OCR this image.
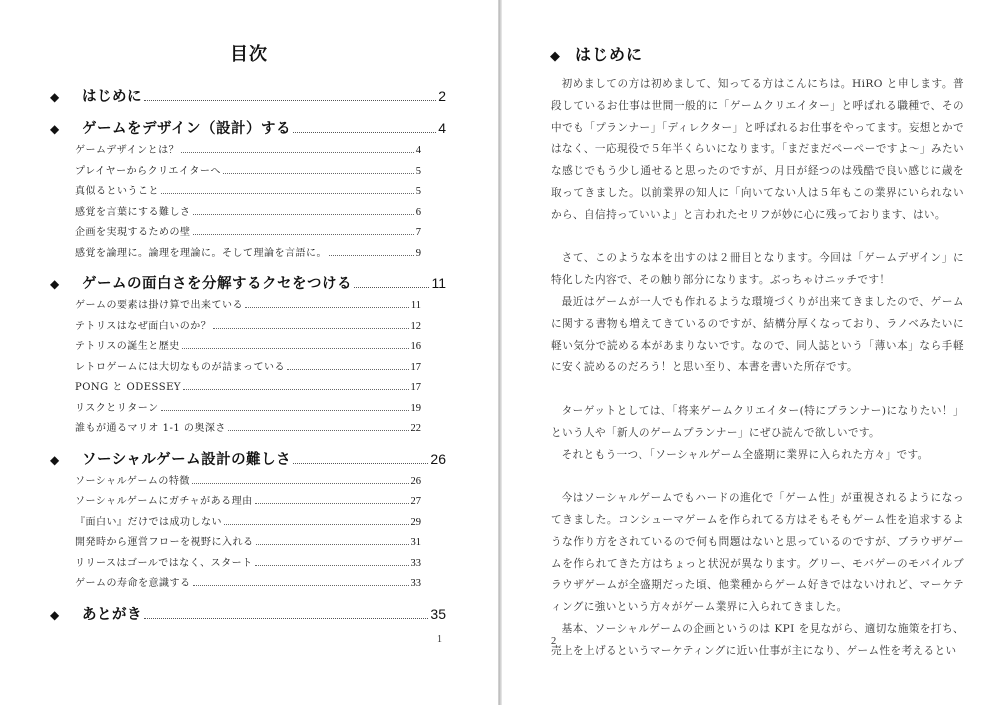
目次
◆	はじめに	2
◆	ゲームをデザイン（設計）する	4
ゲームデザインとは？	4
プレイヤーからクリエイターへ	5
真似るということ	5
感覚を言葉にする難しさ	6
企画を実現するための壁	7
感覚を論理に。論理を理論に。そして理論を言語に。	9
◆	ゲームの面白さを分解するクセをつける	11
ゲームの要素は掛け算で出来ている	11
テトリスはなぜ面白いのか？	12
テトリスの誕生と歴史	16
レトロゲームには大切なものが詰まっている	17
PONG と ODESSEY	17
リスクとリターン	19
誰もが通るマリオ 1-1 の奥深さ	22
◆	ソーシャルゲーム設計の難しさ	26
ソーシャルゲームの特徴	26
ソーシャルゲームにガチャがある理由	27
『面白い』だけでは成功しない	29
開発時から運営フローを視野に入れる	31
リリースはゴールではなく、スタート	33
ゲームの寿命を意識する	33
◆	あとがき	35
1
◆ はじめに

初めましての方は初めまして、知ってる方はこんにちは。HiRO と申します。普段しているお仕事は世間一般的に「ゲームクリエイター」と呼ばれる職種で、その中でも「プランナー」「ディレクター」と呼ばれるお仕事をやってます。妄想とかではなく、一応現役で５年半くらいになります。「まだまだペーペーですよ～」みたいな感じでもう少し通せると思ったのですが、月日が経つのは残酷で良い感じに歳を取ってきました。以前業界の知人に「向いてない人は５年もこの業界にいられないから、自信持っていいよ」と言われたセリフが妙に心に残っております、はい。

さて、このような本を出すのは２冊目となります。今回は「ゲームデザイン」に特化した内容で、その触り部分になります。ぶっちゃけニッチです！

最近はゲームが一人でも作れるような環境づくりが出来てきましたので、ゲームに関する書物も増えてきているのですが、結構分厚くなっており、ラノベみたいに軽い気分で読める本があまりないです。なので、同人誌という「薄い本」なら手軽に安く読めるのだろう！と思い至り、本書を書いた所存です。

ターゲットとしては､「将来ゲームクリエイター(特にプランナー)になりたい！」という人や「新人のゲームプランナー」にぜひ読んで欲しいです。

それともう一つ､「ソーシャルゲーム全盛期に業界に入られた方々」です。

今はソーシャルゲームでもハードの進化で「ゲーム性」が重視されるようになってきました。コンシューマゲームを作られてる方はそもそもゲーム性を追求するような作り方をされているので何も問題はないと思っているのですが、ブラウザゲームを作られてきた方はちょっと状況が異なります。グリー、モバゲーのモバイルブラウザゲームが全盛期だった頃、他業種からゲーム好きではないけれど、マーケティングに強いという方々がゲーム業界に入られてきました。

基本、ソーシャルゲームの企画というのは KPI を見ながら、適切な施策を打ち、売上を上げるというマーケティングに近い仕事が主になり、ゲーム性を考えるとい

2
